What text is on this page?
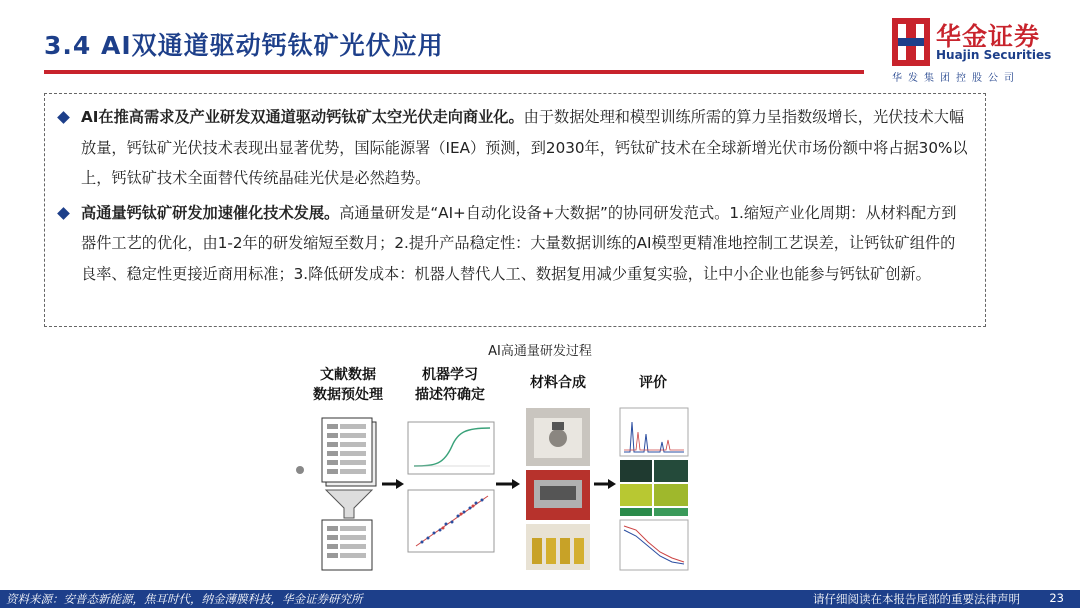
3.4 AI双通道驱动钙钛矿光伏应用	华金证券
Huajin Securities
华发集团控股公司
AI在推高需求及产业研发双通道驱动钙钛矿太空光伏走向商业化。由于数据处理和模型训练所需的算力呈指数级增长，光伏技术大幅放量，钙钛矿光伏技术表现出显著优势，国际能源署（IEA）预测，到2030年，钙钛矿技术在全球新增光伏市场份额中将占据30%以上，钙钛矿技术全面替代传统晶硅光伏是必然趋势。
高通量钙钛矿研发加速催化技术发展。高通量研发是“AI+自动化设备+大数据”的协同研发范式。1.缩短产业化周期：从材料配方到器件工艺的优化，由1-2年的研发缩短至数月；2.提升产品稳定性：大量数据训练的AI模型更精准地控制工艺误差，让钙钛矿组件的良率、稳定性更接近商用标准；3.降低研发成本：机器人替代人工、数据复用减少重复实验，让中小企业也能参与钙钛矿创新。
AI高通量研发过程
文献数据
数据预处理
机器学习
描述符确定
材料合成	评价
资料来源：安普态新能源，焦耳时代，纳金薄膜科技，华金证券研究所	请仔细阅读在本报告尾部的重要法律声明	23
